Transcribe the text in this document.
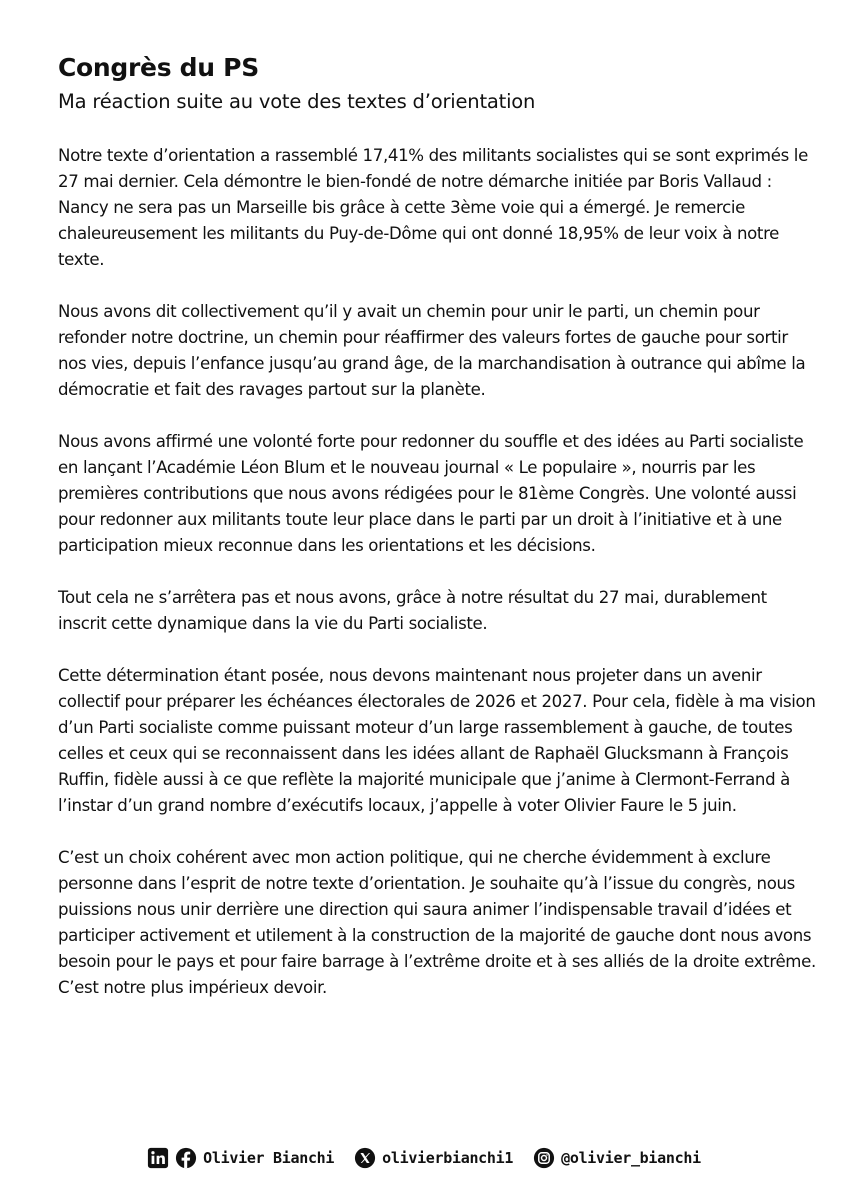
Congrès du PS
Ma réaction suite au vote des textes d’orientation

Notre texte d’orientation a rassemblé 17,41% des militants socialistes qui se sont exprimés le 27 mai dernier. Cela démontre le bien-fondé de notre démarche initiée par Boris Vallaud : Nancy ne sera pas un Marseille bis grâce à cette 3ème voie qui a émergé. Je remercie chaleureusement les militants du Puy-de-Dôme qui ont donné 18,95% de leur voix à notre texte.

Nous avons dit collectivement qu’il y avait un chemin pour unir le parti, un chemin pour refonder notre doctrine, un chemin pour réaffirmer des valeurs fortes de gauche pour sortir nos vies, depuis l’enfance jusqu’au grand âge, de la marchandisation à outrance qui abîme la démocratie et fait des ravages partout sur la planète.

Nous avons affirmé une volonté forte pour redonner du souffle et des idées au Parti socialiste en lançant l’Académie Léon Blum et le nouveau journal « Le populaire », nourris par les premières contributions que nous avons rédigées pour le 81ème Congrès. Une volonté aussi pour redonner aux militants toute leur place dans le parti par un droit à l’initiative et à une participation mieux reconnue dans les orientations et les décisions.

Tout cela ne s’arrêtera pas et nous avons, grâce à notre résultat du 27 mai, durablement inscrit cette dynamique dans la vie du Parti socialiste.

Cette détermination étant posée, nous devons maintenant nous projeter dans un avenir collectif pour préparer les échéances électorales de 2026 et 2027. Pour cela, fidèle à ma vision d’un Parti socialiste comme puissant moteur d’un large rassemblement à gauche, de toutes celles et ceux qui se reconnaissent dans les idées allant de Raphaël Glucksmann à François Ruffin, fidèle aussi à ce que reflète la majorité municipale que j’anime à Clermont-Ferrand à l’instar d’un grand nombre d’exécutifs locaux, j’appelle à voter Olivier Faure le 5 juin.

C’est un choix cohérent avec mon action politique, qui ne cherche évidemment à exclure personne dans l’esprit de notre texte d’orientation. Je souhaite qu’à l’issue du congrès, nous puissions nous unir derrière une direction qui saura animer l’indispensable travail d’idées et participer activement et utilement à la construction de la majorité de gauche dont nous avons besoin pour le pays et pour faire barrage à l’extrême droite et à ses alliés de la droite extrême. C’est notre plus impérieux devoir.

Olivier Bianchi	olivierbianchi1	@olivier_bianchi
